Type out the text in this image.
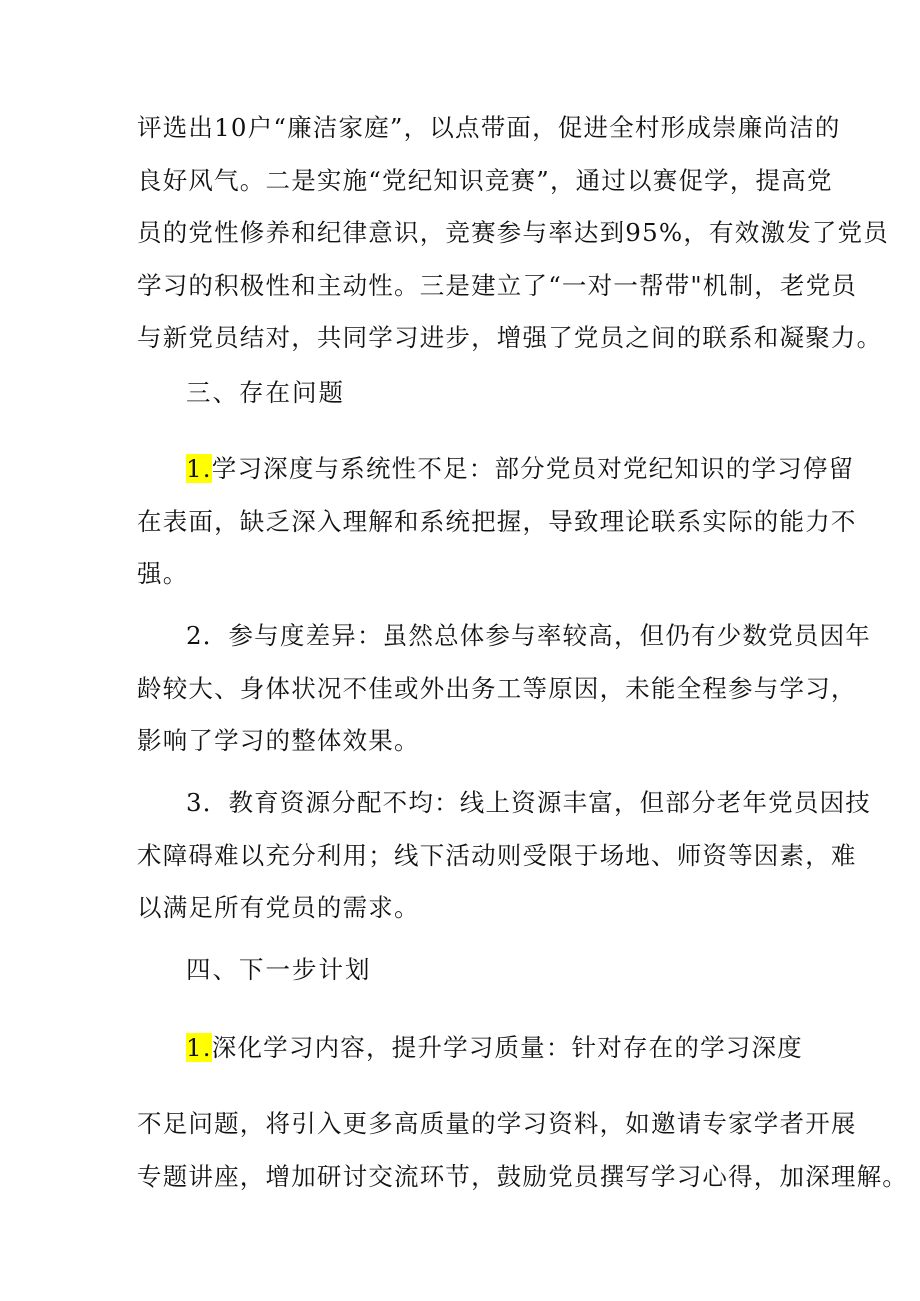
评选出10户“廉洁家庭”，以点带面，促进全村形成崇廉尚洁的
良好风气。二是实施“党纪知识竞赛”，通过以赛促学，提高党
员的党性修养和纪律意识，竞赛参与率达到95%，有效激发了党员
学习的积极性和主动性。三是建立了“一对一帮带"机制，老党员
与新党员结对，共同学习进步，增强了党员之间的联系和凝聚力。
三、存在问题
1.学习深度与系统性不足：部分党员对党纪知识的学习停留
在表面，缺乏深入理解和系统把握，导致理论联系实际的能力不
强。
2．参与度差异：虽然总体参与率较高，但仍有少数党员因年
龄较大、身体状况不佳或外出务工等原因，未能全程参与学习，
影响了学习的整体效果。
3．教育资源分配不均：线上资源丰富，但部分老年党员因技
术障碍难以充分利用；线下活动则受限于场地、师资等因素，难
以满足所有党员的需求。
四、下一步计划
1.深化学习内容，提升学习质量：针对存在的学习深度
不足问题，将引入更多高质量的学习资料，如邀请专家学者开展
专题讲座，增加研讨交流环节，鼓励党员撰写学习心得，加深理解。
